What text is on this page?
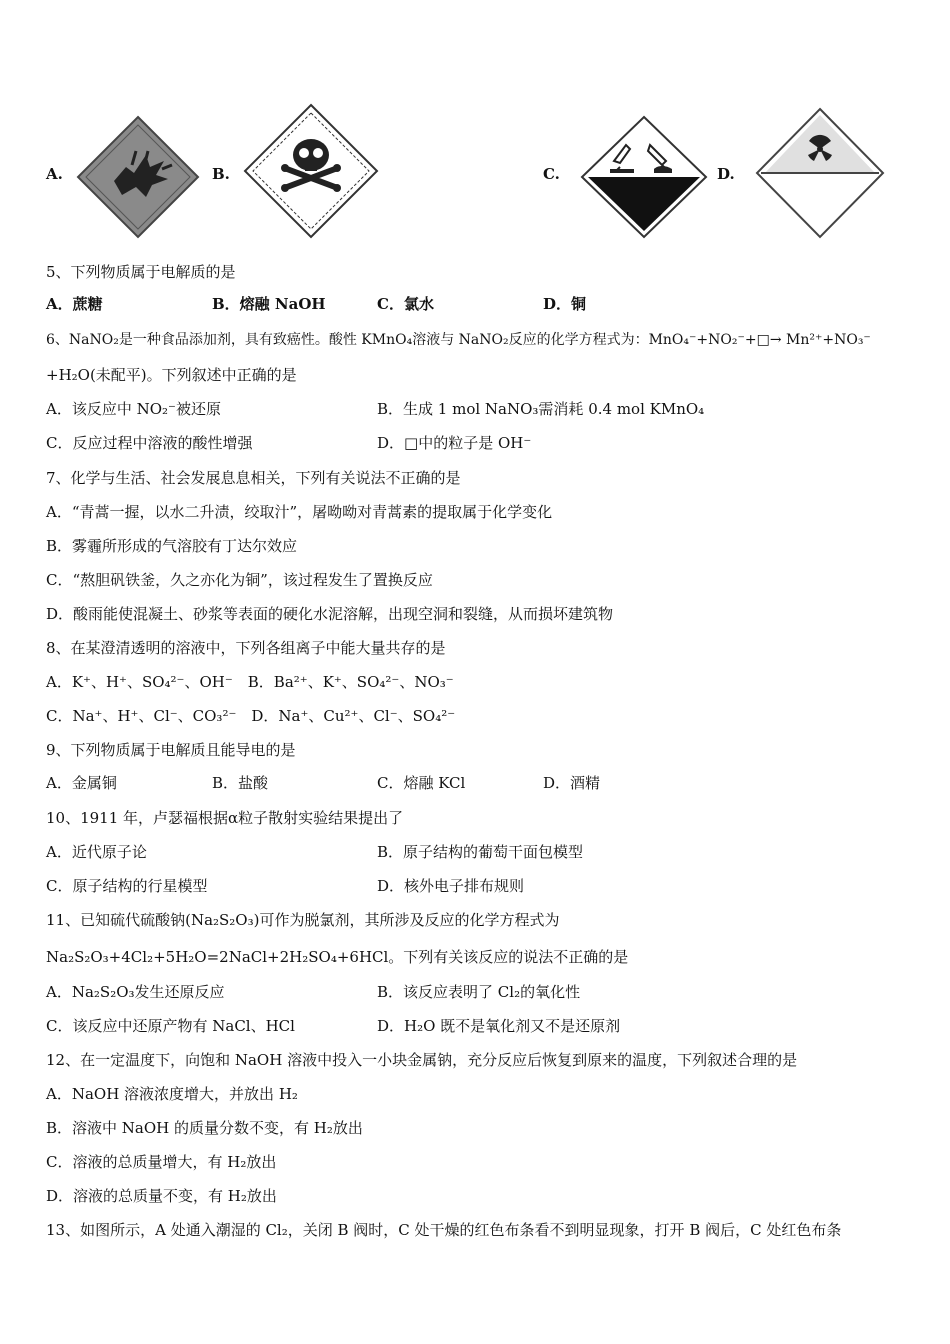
A.	B.	C.	D.
5、下列物质属于电解质的是
A．蔗糖	B．熔融 NaOH	C．氯水	D．铜
6、NaNO₂是一种食品添加剂，具有致癌性。酸性 KMnO₄溶液与 NaNO₂反应的化学方程式为：MnO₄⁻+NO₂⁻+□→ Mn²⁺+NO₃⁻
+H₂O(未配平)。下列叙述中正确的是
A．该反应中 NO₂⁻被还原	B．生成 1 mol NaNO₃需消耗 0.4 mol KMnO₄
C．反应过程中溶液的酸性增强	D．□中的粒子是 OH⁻
7、化学与生活、社会发展息息相关，下列有关说法不正确的是
A．“青蒿一握，以水二升渍，绞取汁”，屠呦呦对青蒿素的提取属于化学变化
B．雾霾所形成的气溶胶有丁达尔效应
C．“熬胆矾铁釜，久之亦化为铜”，该过程发生了置换反应
D．酸雨能使混凝土、砂浆等表面的硬化水泥溶解，出现空洞和裂缝，从而损坏建筑物
8、在某澄清透明的溶液中，下列各组离子中能大量共存的是
A．K⁺、H⁺、SO₄²⁻、OH⁻　B．Ba²⁺、K⁺、SO₄²⁻、NO₃⁻
C．Na⁺、H⁺、Cl⁻、CO₃²⁻　D．Na⁺、Cu²⁺、Cl⁻、SO₄²⁻
9、下列物质属于电解质且能导电的是
A．金属铜	B．盐酸	C．熔融 KCl	D．酒精
10、1911 年，卢瑟福根据α粒子散射实验结果提出了
A．近代原子论	B．原子结构的葡萄干面包模型
C．原子结构的行星模型	D．核外电子排布规则
11、已知硫代硫酸钠(Na₂S₂O₃)可作为脱氯剂，其所涉及反应的化学方程式为
Na₂S₂O₃+4Cl₂+5H₂O=2NaCl+2H₂SO₄+6HCl。下列有关该反应的说法不正确的是
A．Na₂S₂O₃发生还原反应	B．该反应表明了 Cl₂的氧化性
C．该反应中还原产物有 NaCl、HCl	D．H₂O 既不是氧化剂又不是还原剂
12、在一定温度下，向饱和 NaOH 溶液中投入一小块金属钠，充分反应后恢复到原来的温度，下列叙述合理的是
A．NaOH 溶液浓度增大，并放出 H₂
B．溶液中 NaOH 的质量分数不变，有 H₂放出
C．溶液的总质量增大，有 H₂放出
D．溶液的总质量不变，有 H₂放出
13、如图所示，A 处通入潮湿的 Cl₂，关闭 B 阀时，C 处干燥的红色布条看不到明显现象，打开 B 阀后，C 处红色布条
